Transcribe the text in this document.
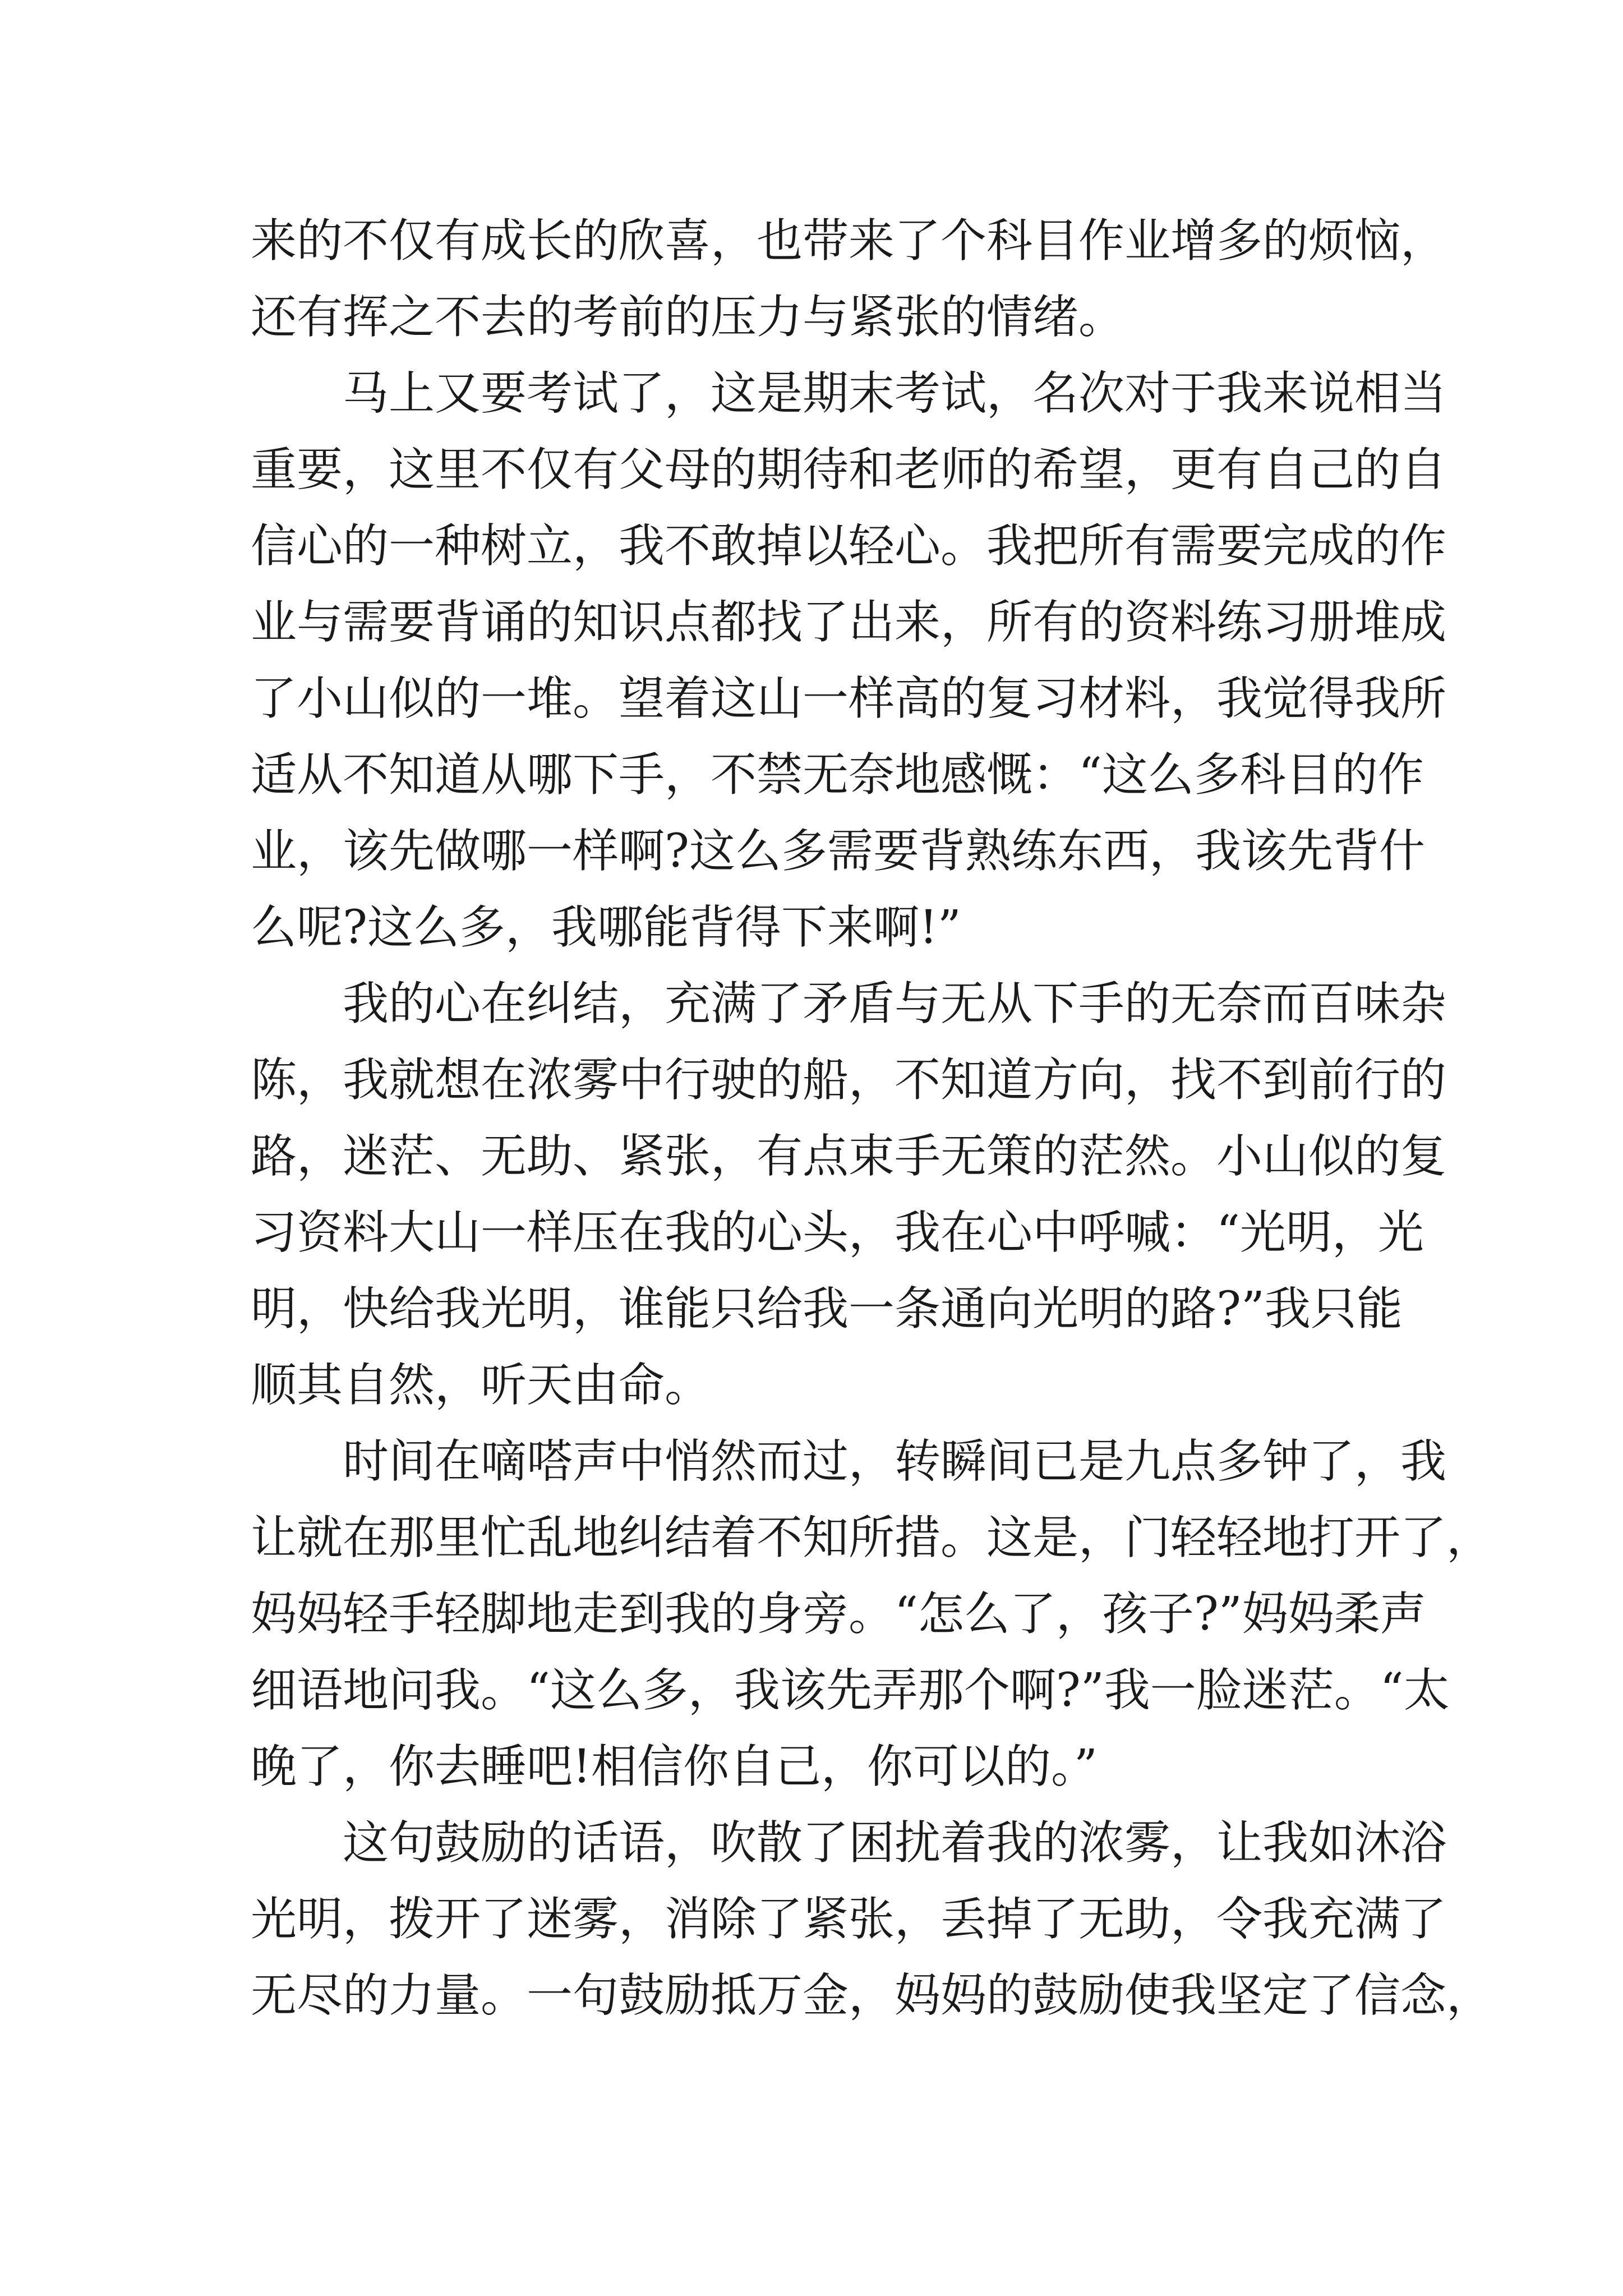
来的不仅有成长的欣喜，也带来了个科目作业增多的烦恼，
还有挥之不去的考前的压力与紧张的情绪。
马上又要考试了，这是期末考试，名次对于我来说相当
重要，这里不仅有父母的期待和老师的希望，更有自己的自
信心的一种树立，我不敢掉以轻心。我把所有需要完成的作
业与需要背诵的知识点都找了出来，所有的资料练习册堆成
了小山似的一堆。望着这山一样高的复习材料，我觉得我所
适从不知道从哪下手，不禁无奈地感慨：“这么多科目的作
业，该先做哪一样啊?这么多需要背熟练东西，我该先背什
么呢?这么多，我哪能背得下来啊!”
我的心在纠结，充满了矛盾与无从下手的无奈而百味杂
陈，我就想在浓雾中行驶的船，不知道方向，找不到前行的
路，迷茫、无助、紧张，有点束手无策的茫然。小山似的复
习资料大山一样压在我的心头，我在心中呼喊：“光明，光
明，快给我光明，谁能只给我一条通向光明的路?”我只能
顺其自然，听天由命。
时间在嘀嗒声中悄然而过，转瞬间已是九点多钟了，我
让就在那里忙乱地纠结着不知所措。这是，门轻轻地打开了，
妈妈轻手轻脚地走到我的身旁。“怎么了，孩子?”妈妈柔声
细语地问我。“这么多，我该先弄那个啊?”我一脸迷茫。“太
晚了，你去睡吧!相信你自己，你可以的。”
这句鼓励的话语，吹散了困扰着我的浓雾，让我如沐浴
光明，拨开了迷雾，消除了紧张，丢掉了无助，令我充满了
无尽的力量。一句鼓励抵万金，妈妈的鼓励使我坚定了信念，
